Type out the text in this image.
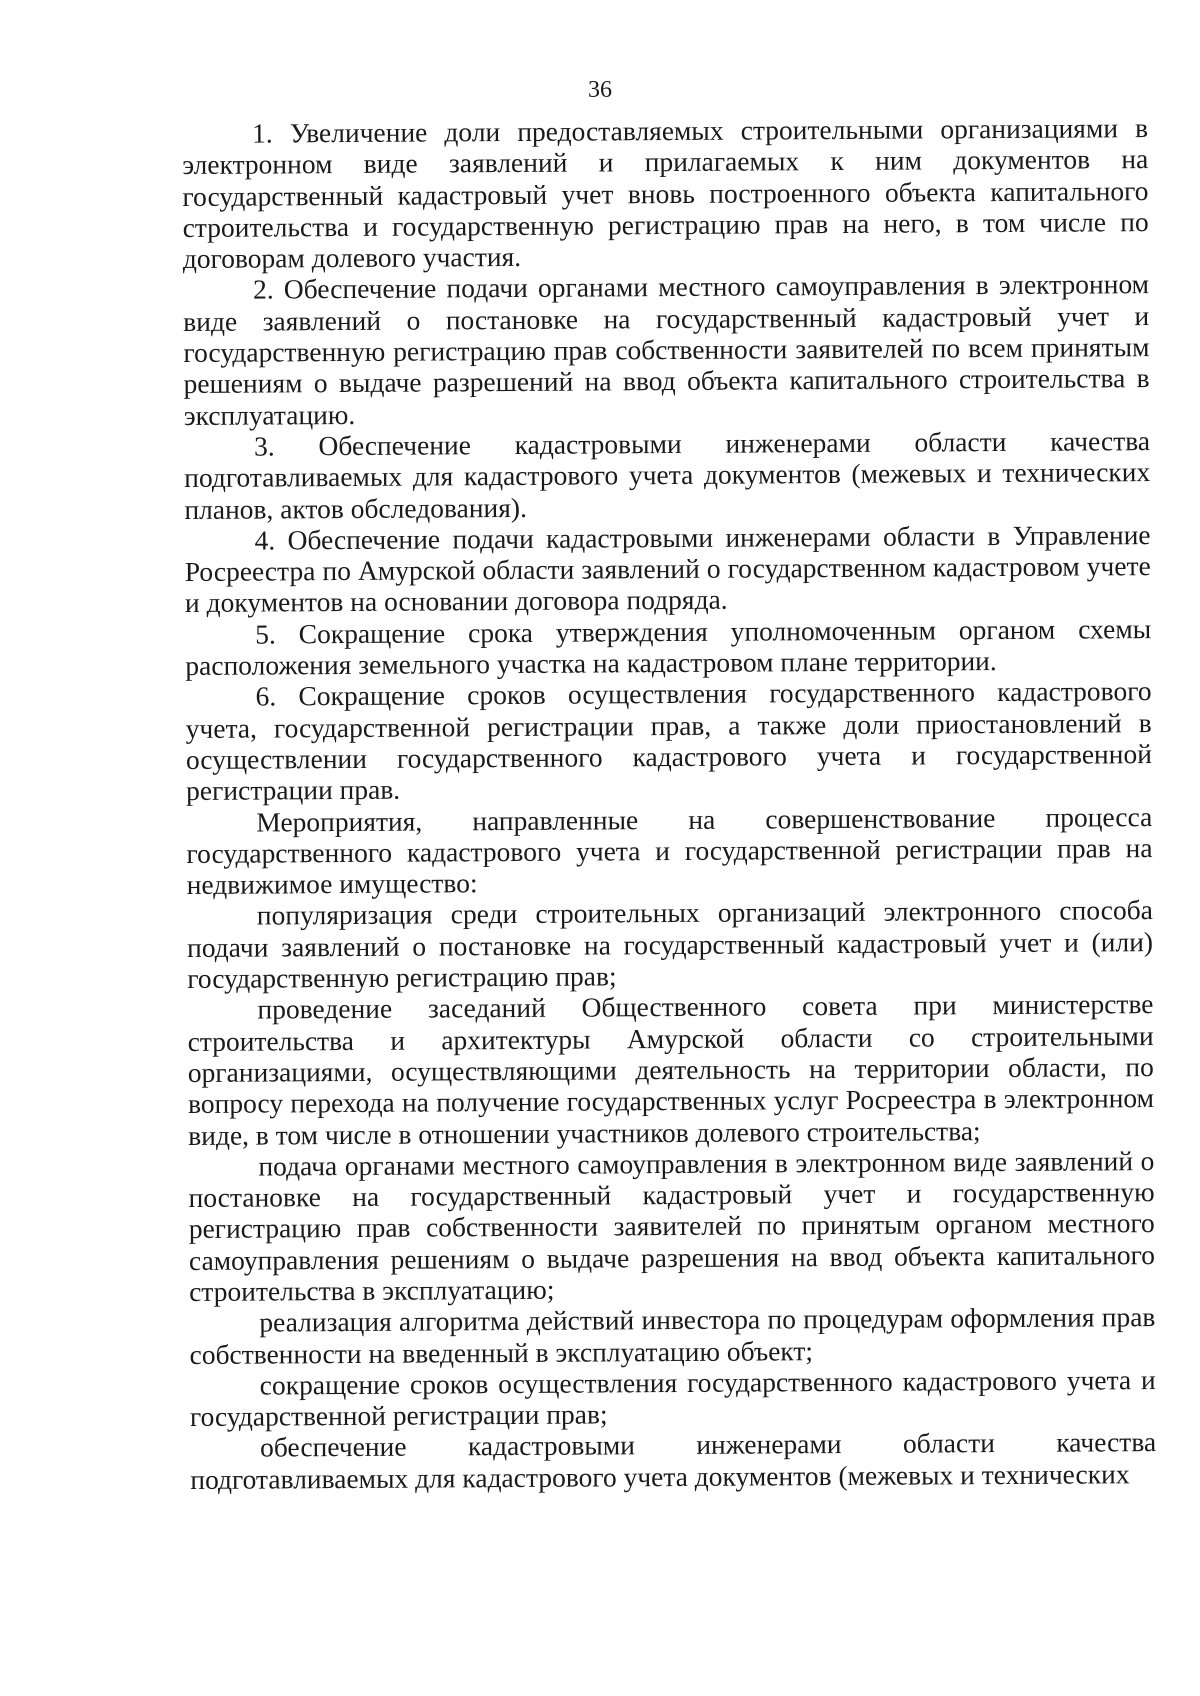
36

1. Увеличение доли предоставляемых строительными организациями в электронном виде заявлений и прилагаемых к ним документов на государственный кадастровый учет вновь построенного объекта капитального строительства и государственную регистрацию прав на него, в том числе по договорам долевого участия.

2. Обеспечение подачи органами местного самоуправления в электронном виде заявлений о постановке на государственный кадастровый учет и государственную регистрацию прав собственности заявителей по всем принятым решениям о выдаче разрешений на ввод объекта капитального строительства в эксплуатацию.

3. Обеспечение кадастровыми инженерами области качества подготавливаемых для кадастрового учета документов (межевых и технических планов, актов обследования).

4. Обеспечение подачи кадастровыми инженерами области в Управление Росреестра по Амурской области заявлений о государственном кадастровом учете и документов на основании договора подряда.

5. Сокращение срока утверждения уполномоченным органом схемы расположения земельного участка на кадастровом плане территории.

6. Сокращение сроков осуществления государственного кадастрового учета, государственной регистрации прав, а также доли приостановлений в осуществлении государственного кадастрового учета и государственной регистрации прав.

Мероприятия, направленные на совершенствование процесса государственного кадастрового учета и государственной регистрации прав на недвижимое имущество:

популяризация среди строительных организаций электронного способа подачи заявлений о постановке на государственный кадастровый учет и (или) государственную регистрацию прав;

проведение заседаний Общественного совета при министерстве строительства и архитектуры Амурской области со строительными организациями, осуществляющими деятельность на территории области, по вопросу перехода на получение государственных услуг Росреестра в электронном виде, в том числе в отношении участников долевого строительства;

подача органами местного самоуправления в электронном виде заявлений о постановке на государственный кадастровый учет и государственную регистрацию прав собственности заявителей по принятым органом местного самоуправления решениям о выдаче разрешения на ввод объекта капитального строительства в эксплуатацию;

реализация алгоритма действий инвестора по процедурам оформления прав собственности на введенный в эксплуатацию объект;

сокращение сроков осуществления государственного кадастрового учета и государственной регистрации прав;

обеспечение кадастровыми инженерами области качества подготавливаемых для кадастрового учета документов (межевых и технических
